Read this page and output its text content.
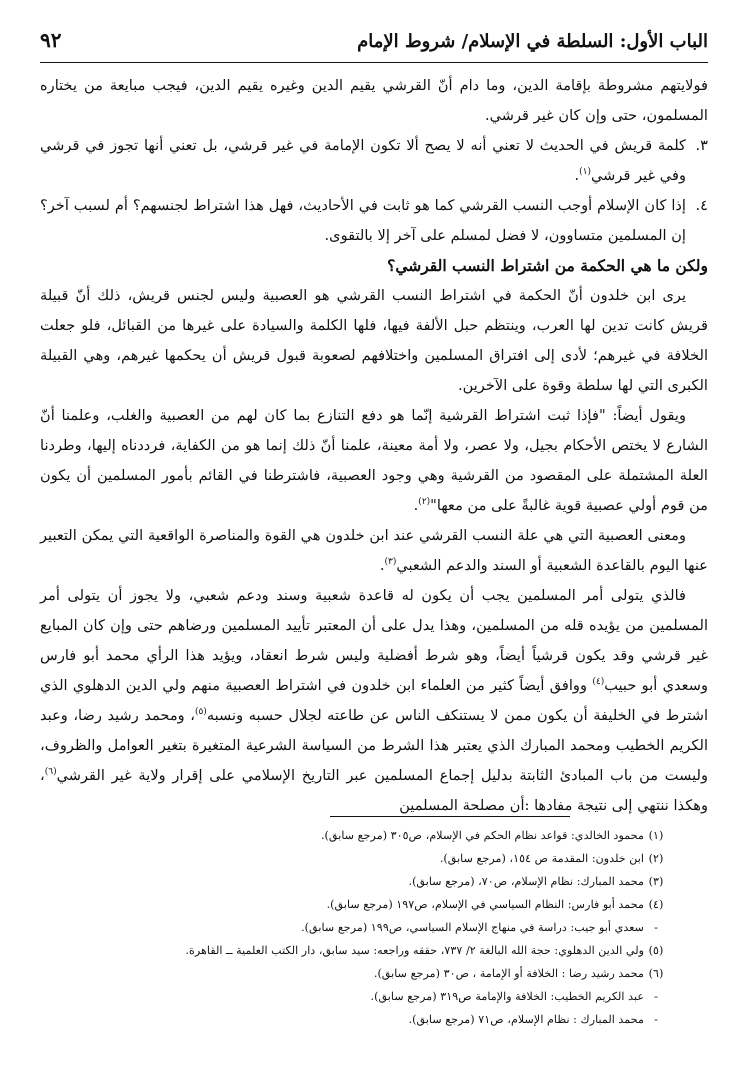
الباب الأول: السلطة في الإسلام/ شروط الإمام
٩٢

فولايتهم مشروطة بإقامة الدين، وما دام أنّ القرشي يقيم الدين وغيره يقيم الدين، فيجب مبايعة من يختاره المسلمون، حتى وإن كان غير قرشي.

٣.
كلمة قريش في الحديث لا تعني أنه لا يصح ألا تكون الإمامة في غير قرشي، بل تعني أنها تجوز في قرشي وفي غير قرشي$^{(١)}$.

٤.
إذا كان الإسلام أوجب النسب القرشي كما هو ثابت في الأحاديث، فهل هذا اشتراط لجنسهم؟ أم لسبب آخر؟ إن المسلمين متساوون، لا فضل لمسلم على آخر إلا بالتقوى.

ولكن ما هي الحكمة من اشتراط النسب القرشي؟

يرى ابن خلدون أنّ الحكمة في اشتراط النسب القرشي هو العصبية وليس لجنس قريش، ذلك أنّ قبيلة قريش كانت تدين لها العرب، وينتظم حبل الألفة فيها، فلها الكلمة والسيادة على غيرها من القبائل، فلو جعلت الخلافة في غيرهم؛ لأدى إلى افتراق المسلمين واختلافهم لصعوبة قبول قريش أن يحكمها غيرهم، وهي القبيلة الكبرى التي لها سلطة وقوة على الآخرين.

ويقول أيضاً: "فإذا ثبت اشتراط القرشية إنّما هو دفع التنازع بما كان لهم من العصبية والغلب، وعلمنا أنّ الشارع لا يختص الأحكام بجيل، ولا عصر، ولا أمة معينة، علمنا أنّ ذلك إنما هو من الكفاية، فرددناه إليها، وطردنا العلة المشتملة على المقصود من القرشية وهي وجود العصبية، فاشترطنا في القائم بأمور المسلمين أن يكون من قوم أولي عصبية قوية غالبةً على من معها"$^{(٢)}$.

ومعنى العصبية التي هي علة النسب القرشي عند ابن خلدون هي القوة والمناصرة الواقعية التي يمكن التعبير عنها اليوم بالقاعدة الشعبية أو السند والدعم الشعبي$^{(٣)}$.

فالذي يتولى أمر المسلمين يجب أن يكون له قاعدة شعبية وسند ودعم شعبي، ولا يجوز أن يتولى أمر المسلمين من يؤيده قله من المسلمين، وهذا يدل على أن المعتبر تأييد المسلمين ورضاهم حتى وإن كان المبايع غير قرشي وقد يكون قرشياً أيضاً، وهو شرط أفضلية وليس شرط انعقاد، ويؤيد هذا الرأي محمد أبو فارس وسعدي أبو حبيب$^{(٤)}$ ووافق أيضاً كثير من العلماء ابن خلدون في اشتراط العصبية منهم ولي الدين الدهلوي الذي اشترط في الخليفة أن يكون ممن لا يستنكف الناس عن طاعته لجلال حسبه ونسبه$^{(٥)}$، ومحمد رشيد رضا، وعبد الكريم الخطيب ومحمد المبارك الذي يعتبر هذا الشرط من السياسة الشرعية المتغيرة بتغير العوامل والظروف، وليست من باب المبادئ الثابتة بدليل إجماع المسلمين عبر التاريخ الإسلامي على إقرار ولاية غير القرشي$^{(٦)}$، وهكذا ننتهي إلى نتيجة مفادها :أن مصلحة المسلمين

(١)
محمود الخالدي: قواعد نظام الحكم في الإسلام، ص٣٠٥ (مرجع سابق).
(٢)
ابن خلدون: المقدمة ص ١٥٤، (مرجع سابق).
(٣)
محمد المبارك: نظام الإسلام، ص٧٠، (مرجع سابق).
(٤)
محمد أبو فارس: النظام السياسي في الإسلام، ص١٩٧ (مرجع سابق).
-
سعدي أبو جيب: دراسة في منهاج الإسلام السياسي، ص١٩٩ (مرجع سابق).
(٥)
ولي الدين الدهلوي: حجة الله البالغة ٢/ ٧٣٧، حققه وراجعه: سيد سابق، دار الكتب العلمية ــ القاهرة.
(٦)
محمد رشيد رضا : الخلافة أو الإمامة ، ص٣٠ (مرجع سابق).
-
عبد الكريم الخطيب: الخلافة والإمامة ص٣١٩ (مرجع سابق).
-
محمد المبارك : نظام الإسلام، ص٧١ (مرجع سابق).
